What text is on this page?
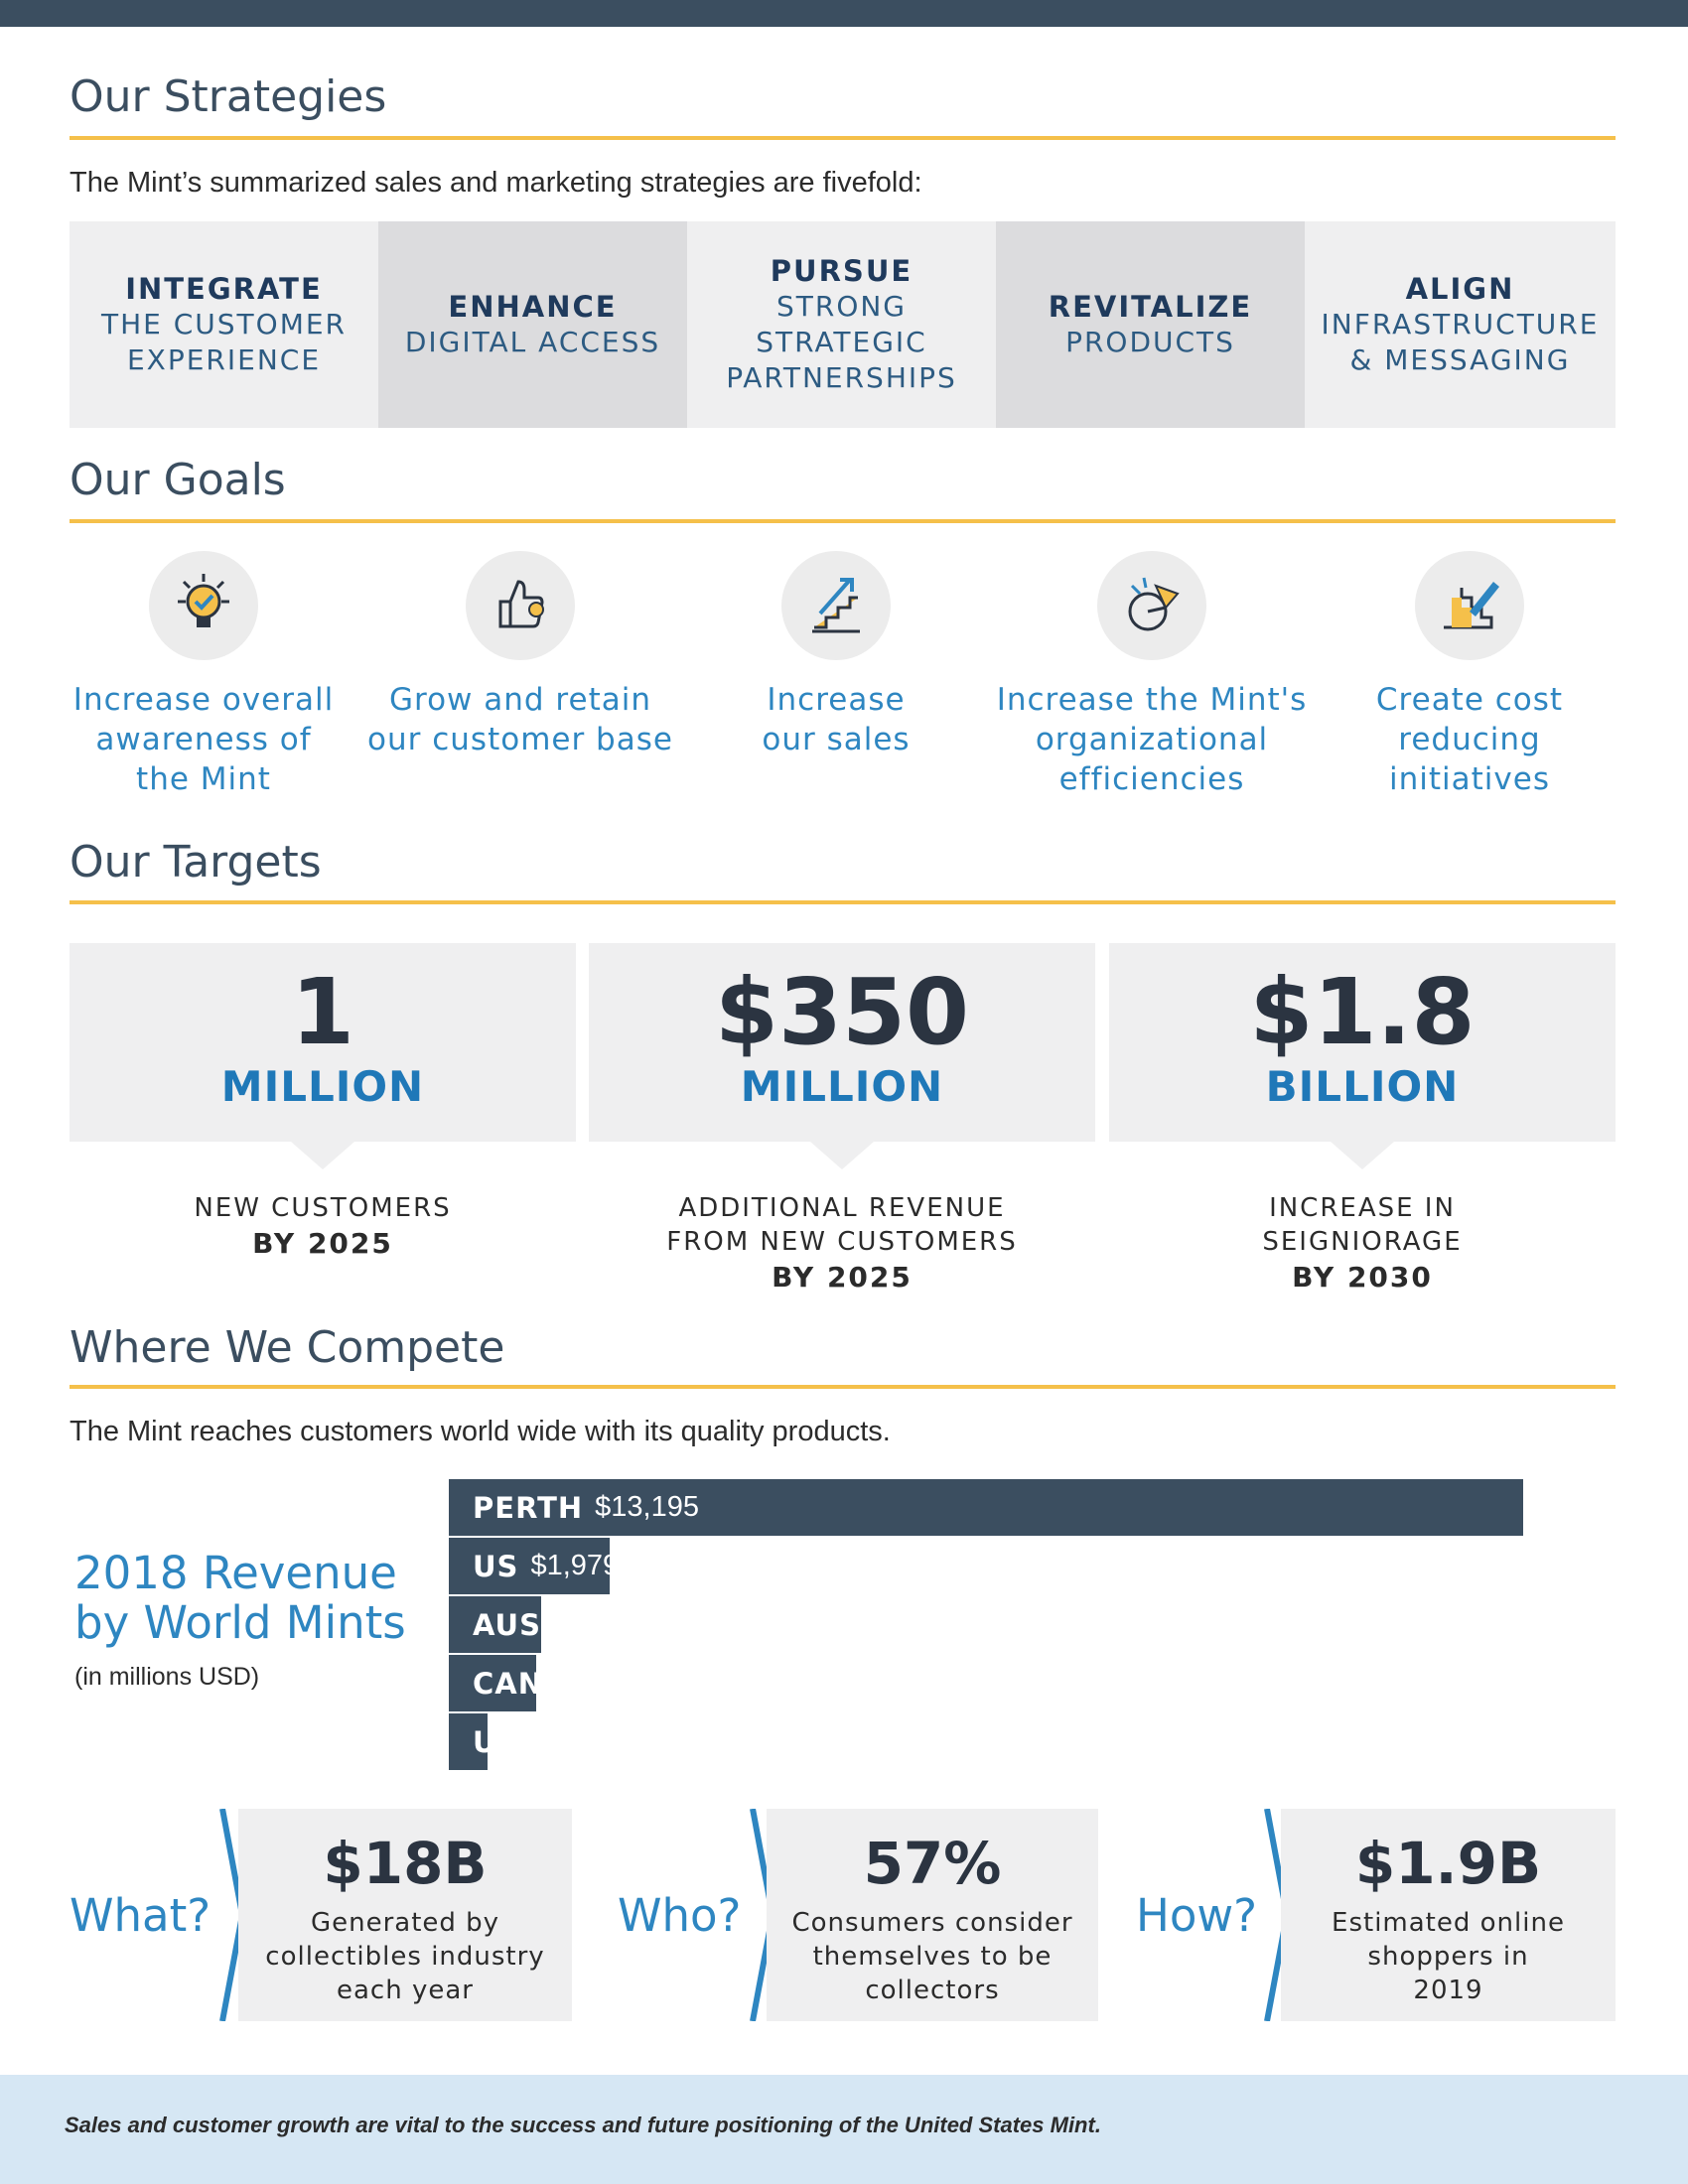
Our Strategies
The Mint’s summarized sales and marketing strategies are fivefold:
INTEGRATE
THE CUSTOMER
EXPERIENCE
ENHANCE
DIGITAL ACCESS
PURSUE
STRONG
STRATEGIC
PARTNERSHIPS
REVITALIZE
PRODUCTS
ALIGN
INFRASTRUCTURE
& MESSAGING
Our Goals
Increase overall
awareness of
the Mint
Grow and retain
our customer base
Increase
our sales
Increase the Mint's
organizational
efficiencies
Create cost
reducing
initiatives
Our Targets
1
MILLION
NEW CUSTOMERS
BY 2025
$350
MILLION
ADDITIONAL REVENUE
FROM NEW CUSTOMERS
BY 2025
$1.8
BILLION
INCREASE IN
SEIGNIORAGE
BY 2030
Where We Compete
The Mint reaches customers world wide with its quality products.
2018 Revenue
by World Mints
(in millions USD)
PERTH $13,195
US $1,979
AUSTRIA $1,130
CANADA $1,079
UK $470
What?
$18B
Generated by
collectibles industry
each year
Who?
57%
Consumers consider
themselves to be
collectors
How?
$1.9B
Estimated online
shoppers in
2019
Sales and customer growth are vital to the success and future positioning of the United States Mint.
